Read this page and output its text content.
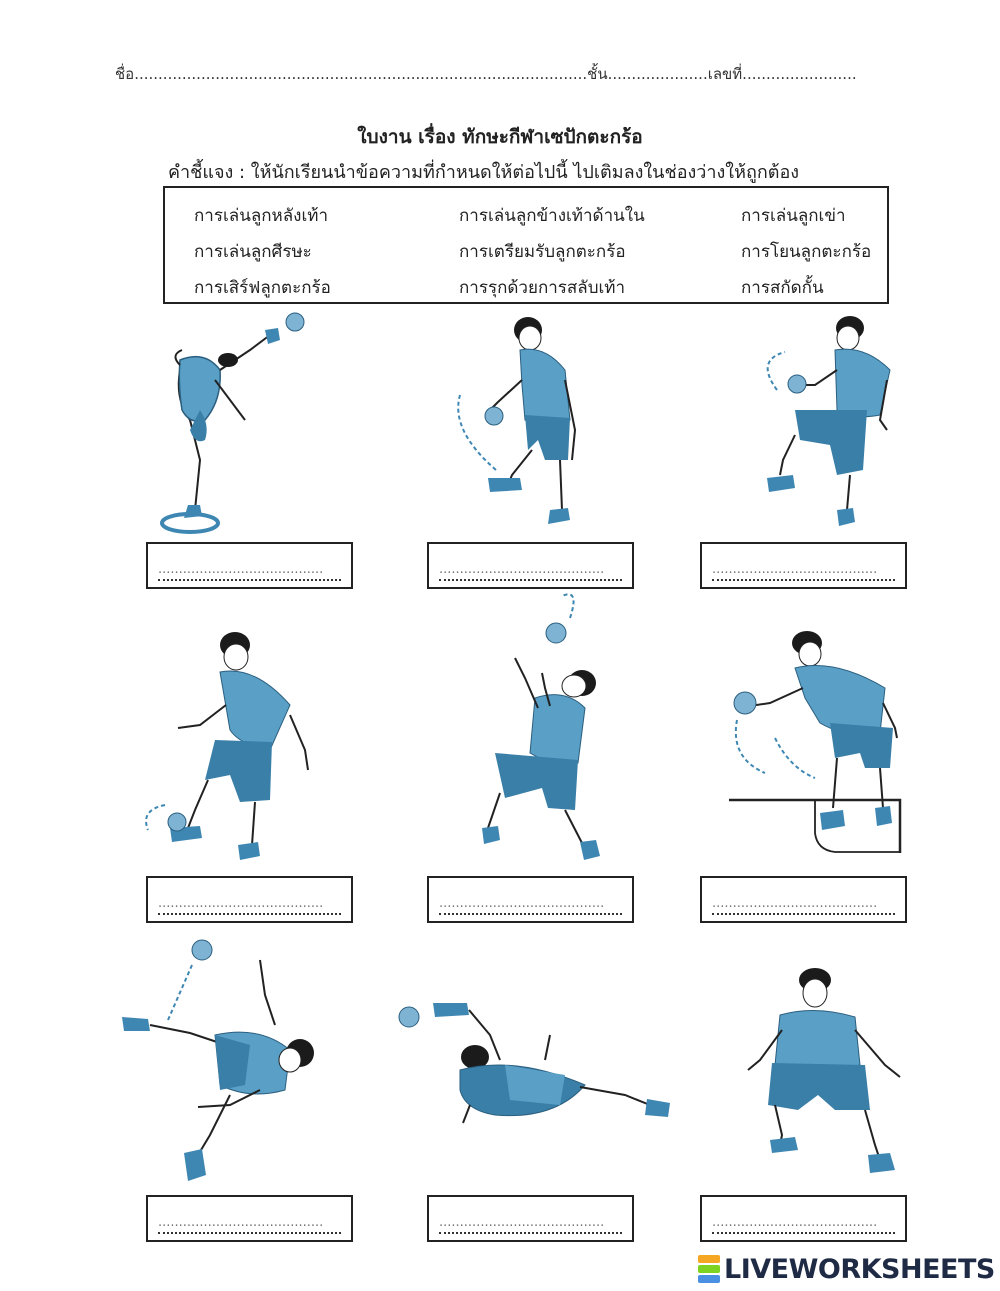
ชื่อ...............................................................................................ชั้น.....................เลขที่........................
ใบงาน เรื่อง ทักษะกีฬาเซปักตะกร้อ
คำชี้แจง : ให้นักเรียนนำข้อความที่กำหนดให้ต่อไปนี้ ไปเติมลงในช่องว่างให้ถูกต้อง
การเล่นลูกหลังเท้า	การเล่นลูกข้างเท้าด้านใน	การเล่นลูกเข่า
การเล่นลูกศีรษะ	การเตรียมรับลูกตะกร้อ	การโยนลูกตะกร้อ
การเสิร์ฟลูกตะกร้อ	การรุกด้วยการสลับเท้า	การสกัดกั้น
........................................
........................................
........................................
........................................
........................................
........................................
........................................
........................................
........................................
LIVEWORKSHEETS
